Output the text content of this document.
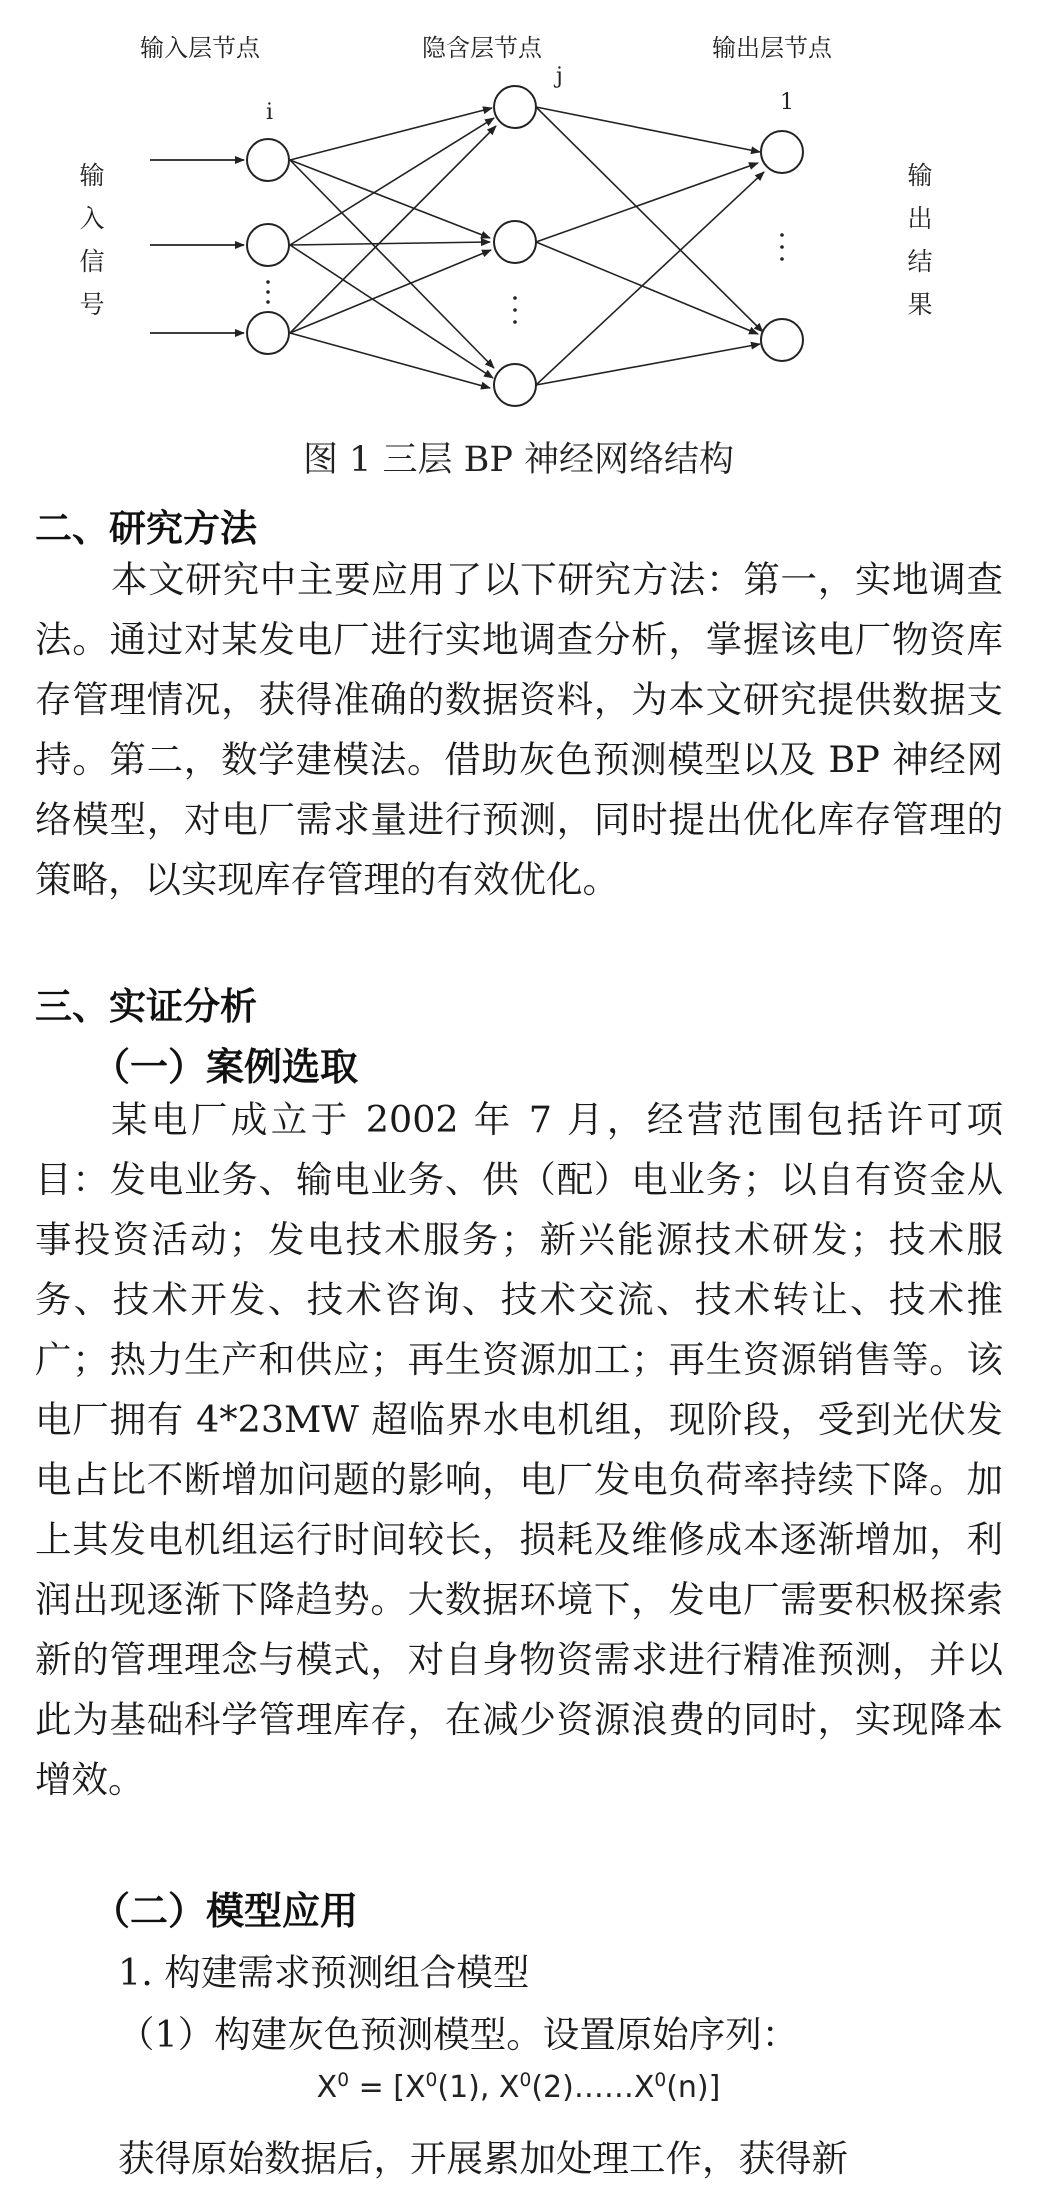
输入层节点	隐含层节点	输出层节点
输入信号	输出结果
i
j
1
图 1 三层 BP 神经网络结构
二、研究方法

本文研究中主要应用了以下研究方法：第一，实地调查法。通过对某发电厂进行实地调查分析，掌握该电厂物资库存管理情况，获得准确的数据资料，为本文研究提供数据支持。第二，数学建模法。借助灰色预测模型以及 BP 神经网络模型，对电厂需求量进行预测，同时提出优化库存管理的策略，以实现库存管理的有效优化。

三、实证分析
（一）案例选取

某电厂成立于 2002 年 7 月，经营范围包括许可项目：发电业务、输电业务、供（配）电业务；以自有资金从事投资活动；发电技术服务；新兴能源技术研发；技术服务、技术开发、技术咨询、技术交流、技术转让、技术推广；热力生产和供应；再生资源加工；再生资源销售等。该电厂拥有 4*23MW 超临界水电机组，现阶段，受到光伏发电占比不断增加问题的影响，电厂发电负荷率持续下降。加上其发电机组运行时间较长，损耗及维修成本逐渐增加，利润出现逐渐下降趋势。大数据环境下，发电厂需要积极探索新的管理理念与模式，对自身物资需求进行精准预测，并以此为基础科学管理库存，在减少资源浪费的同时，实现降本增效。

（二）模型应用
1. 构建需求预测组合模型
（1）构建灰色预测模型。设置原始序列：
$X^0 = [X^0(1)$, $X^0(2)\dots\dots X^0(n)$]
获得原始数据后，开展累加处理工作，获得新
